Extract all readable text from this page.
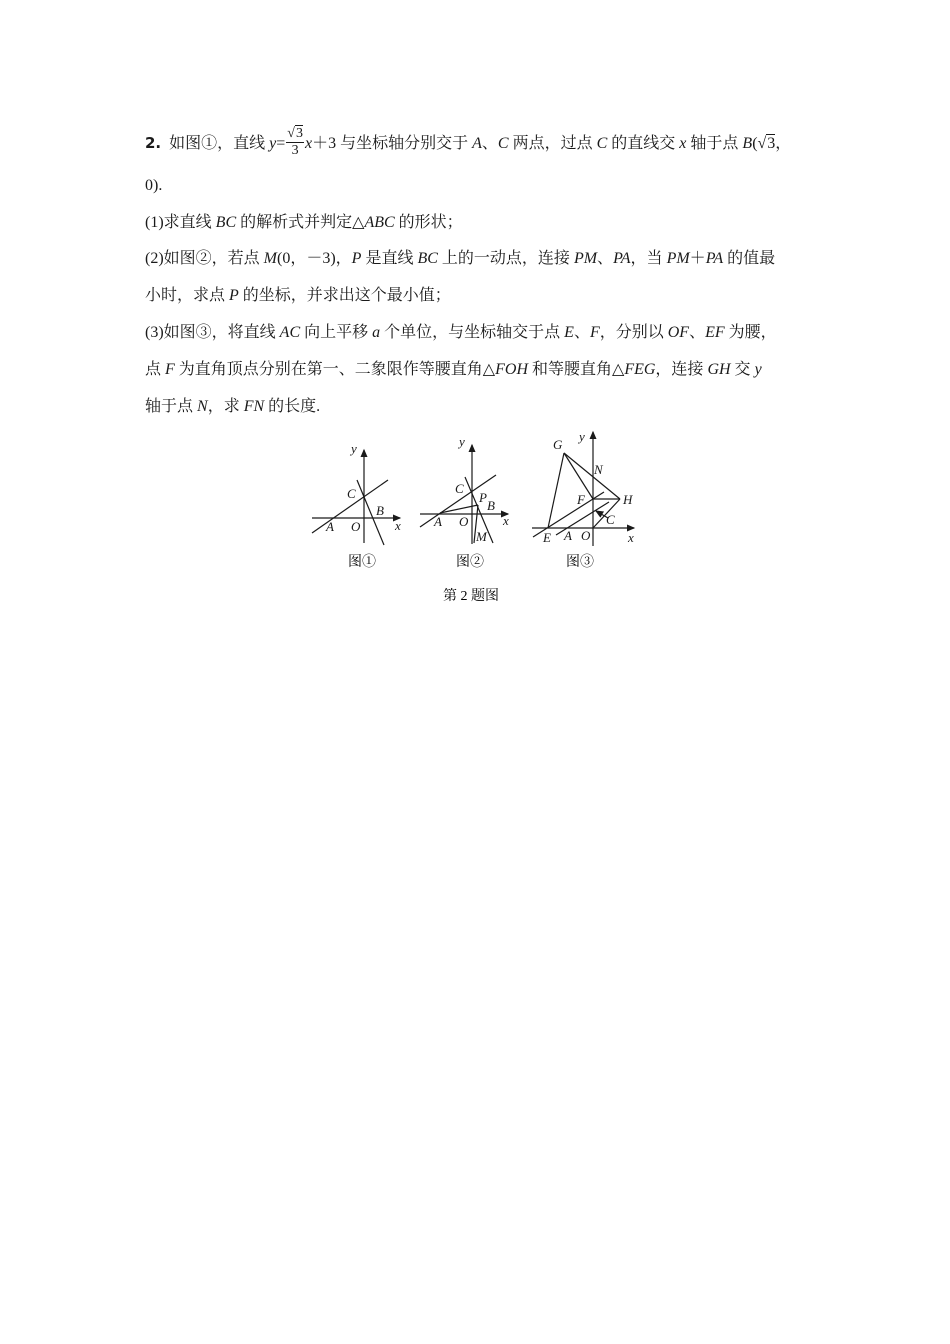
2. 如图①，直线 $y= \frac{√3}{3} x+3$ 与坐标轴分别交于 A、C 两点，过点 C 的直线交 x 轴于点 B(√3，
0).
(1)求直线 BC 的解析式并判定△ABC 的形状；
(2)如图②，若点 M(0，－3)，P 是直线 BC 上的一动点，连接 PM、PA，当 PM＋PA 的值最
小时，求点 P 的坐标，并求出这个最小值；
(3)如图③，将直线 AC 向上平移 a 个单位，与坐标轴交于点 E、F，分别以 OF、EF 为腰，
点 F 为直角顶点分别在第一、二象限作等腰直角△FOH 和等腰直角△FEG，连接 GH 交 y
轴于点 N，求 FN 的长度.
y
x
C
B
A O
图①
y
x
C
P
B
A O
M
图②
G
y
N
F	H
C
E A O	x
图③
第 2 题图
